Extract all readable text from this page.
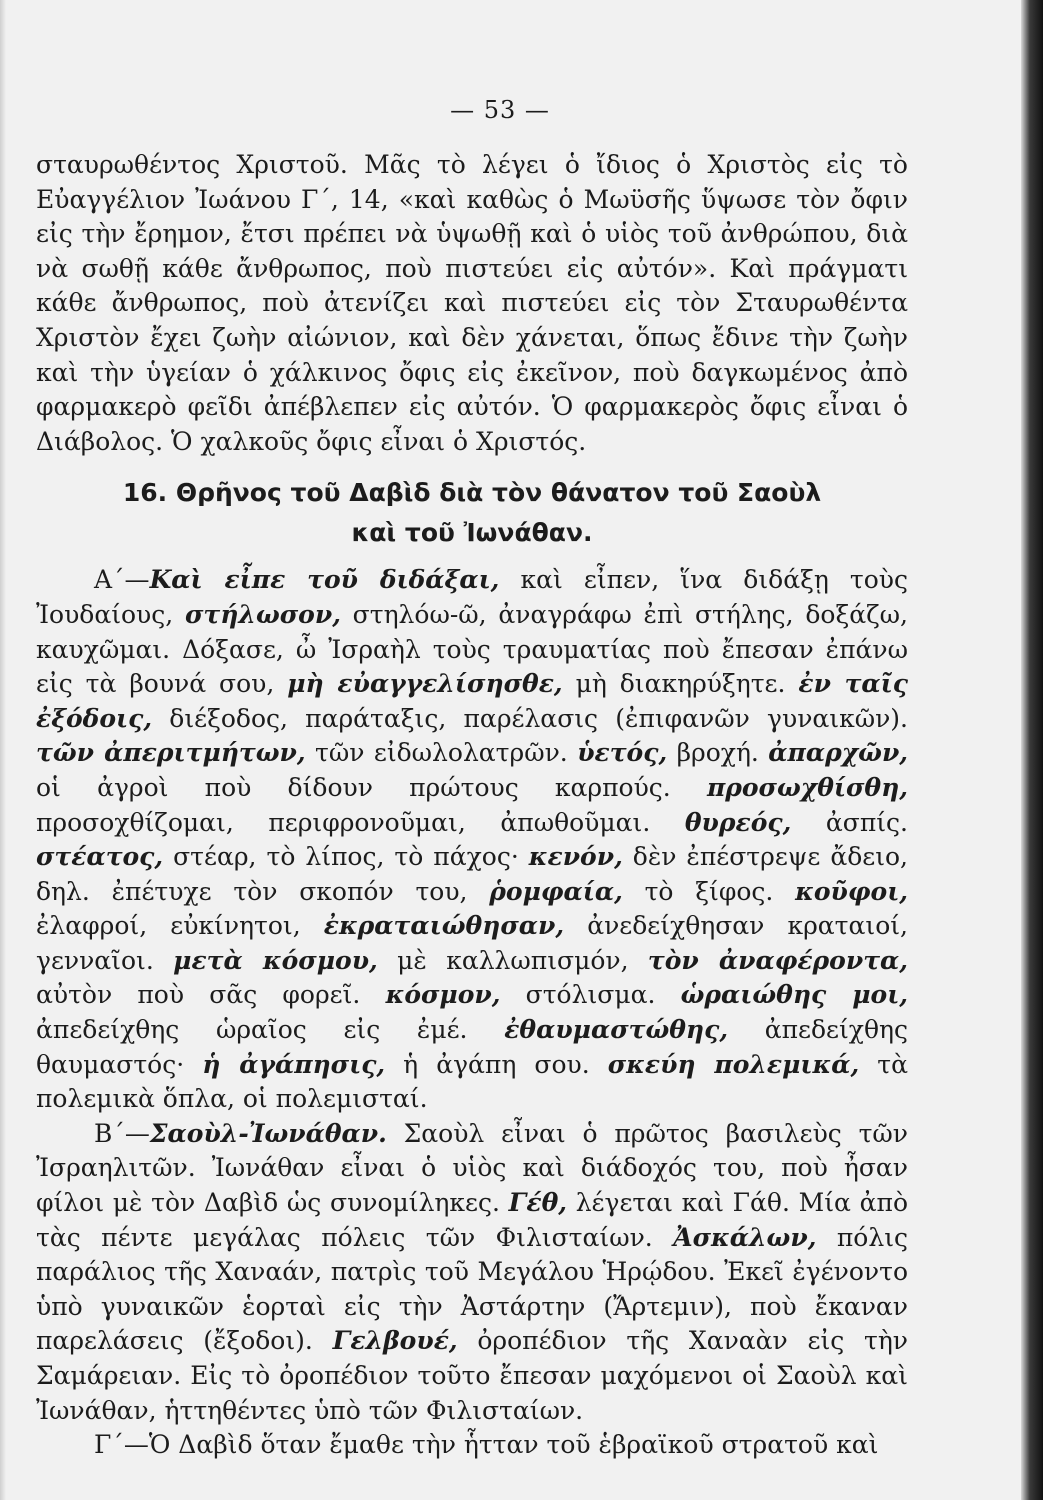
— 53 —

σταυρωθέντος Χριστοῦ. Μᾶς τὸ λέγει ὁ ἴδιος ὁ Χριστὸς εἰς τὸ Εὐαγγέλιον Ἰωάνου Γ΄, 14, «καὶ καθὼς ὁ Μωϋσῆς ὕψωσε τὸν ὄφιν εἰς τὴν ἔρημον, ἔτσι πρέπει νὰ ὑψωθῇ καὶ ὁ υἱὸς τοῦ ἀνθρώπου, διὰ νὰ σωθῇ κάθε ἄνθρωπος, ποὺ πιστεύει εἰς αὐτόν». Καὶ πράγματι κάθε ἄνθρωπος, ποὺ ἀτενίζει καὶ πιστεύει εἰς τὸν Σταυρωθέντα Χριστὸν ἔχει ζωὴν αἰώνιον, καὶ δὲν χάνεται, ὅπως ἔδινε τὴν ζωὴν καὶ τὴν ὑγείαν ὁ χάλκινος ὄφις εἰς ἐκεῖνον, ποὺ δαγκωμένος ἀπὸ φαρμακερὸ φεῖδι ἀπέβλεπεν εἰς αὐτόν. Ὁ φαρμακερὸς ὄφις εἶναι ὁ Διάβολος. Ὁ χαλκοῦς ὄφις εἶναι ὁ Χριστός.

16. Θρῆνος τοῦ Δαβὶδ διὰ τὸν θάνατον τοῦ Σαοὺλ
καὶ τοῦ Ἰωνάθαν.

Α΄—Καὶ εἶπε τοῦ διδάξαι, καὶ εἶπεν, ἵνα διδάξῃ τοὺς Ἰουδαίους, στήλωσον, στηλόω-ῶ, ἀναγράφω ἐπὶ στήλης, δοξάζω, καυχῶμαι. Δόξασε, ὦ Ἰσραὴλ τοὺς τραυματίας ποὺ ἔπεσαν ἐπάνω εἰς τὰ βουνά σου, μὴ εὐαγγελίσησθε, μὴ διακηρύξητε. ἐν ταῖς ἐξόδοις, διέξοδος, παράταξις, παρέλασις (ἐπιφανῶν γυναικῶν). τῶν ἀπεριτμήτων, τῶν εἰδωλολατρῶν. ὑετός, βροχή. ἀπαρχῶν, οἱ ἀγροὶ ποὺ δίδουν πρώτους καρπούς. προσωχθίσθη, προσοχθίζομαι, περιφρονοῦμαι, ἀπωθοῦμαι. θυρεός, ἀσπίς. στέατος, στέαρ, τὸ λίπος, τὸ πάχος· κενόν, δὲν ἐπέστρεψε ἄδειο, δηλ. ἐπέτυχε τὸν σκοπόν του, ῥομφαία, τὸ ξίφος. κοῦφοι, ἐλαφροί, εὐκίνητοι, ἐκραταιώθησαν, ἀνεδείχθησαν κραταιοί, γενναῖοι. μετὰ κόσμου, μὲ καλλωπισμόν, τὸν ἀναφέροντα, αὐτὸν ποὺ σᾶς φορεῖ. κόσμον, στόλισμα. ὡραιώθης μοι, ἀπεδείχθης ὡραῖος εἰς ἐμέ. ἐθαυμαστώθης, ἀπεδείχθης θαυμαστός· ἡ ἀγάπησις, ἡ ἀγάπη σου. σκεύη πολεμικά, τὰ πολεμικὰ ὅπλα, οἱ πολεμισταί.

Β΄—Σαοὺλ-Ἰωνάθαν. Σαοὺλ εἶναι ὁ πρῶτος βασιλεὺς τῶν Ἰσραηλιτῶν. Ἰωνάθαν εἶναι ὁ υἱὸς καὶ διάδοχός του, ποὺ ἦσαν φίλοι μὲ τὸν Δαβὶδ ὡς συνομίληκες. Γέθ, λέγεται καὶ Γάθ. Μία ἀπὸ τὰς πέντε μεγάλας πόλεις τῶν Φιλισταίων. Ἀσκάλων, πόλις παράλιος τῆς Χαναάν, πατρὶς τοῦ Μεγάλου Ἡρῴδου. Ἐκεῖ ἐγένοντο ὑπὸ γυναικῶν ἑορταὶ εἰς τὴν Ἀστάρτην (Ἄρτεμιν), ποὺ ἔκαναν παρελάσεις (ἔξοδοι). Γελβουέ, ὀροπέδιον τῆς Χαναὰν εἰς τὴν Σαμάρειαν. Εἰς τὸ ὀροπέδιον τοῦτο ἔπεσαν μαχόμενοι οἱ Σαοὺλ καὶ Ἰωνάθαν, ἡττηθέντες ὑπὸ τῶν Φιλισταίων.

Γ΄—Ὁ Δαβὶδ ὅταν ἔμαθε τὴν ἧτταν τοῦ ἑβραϊκοῦ στρατοῦ καὶ
